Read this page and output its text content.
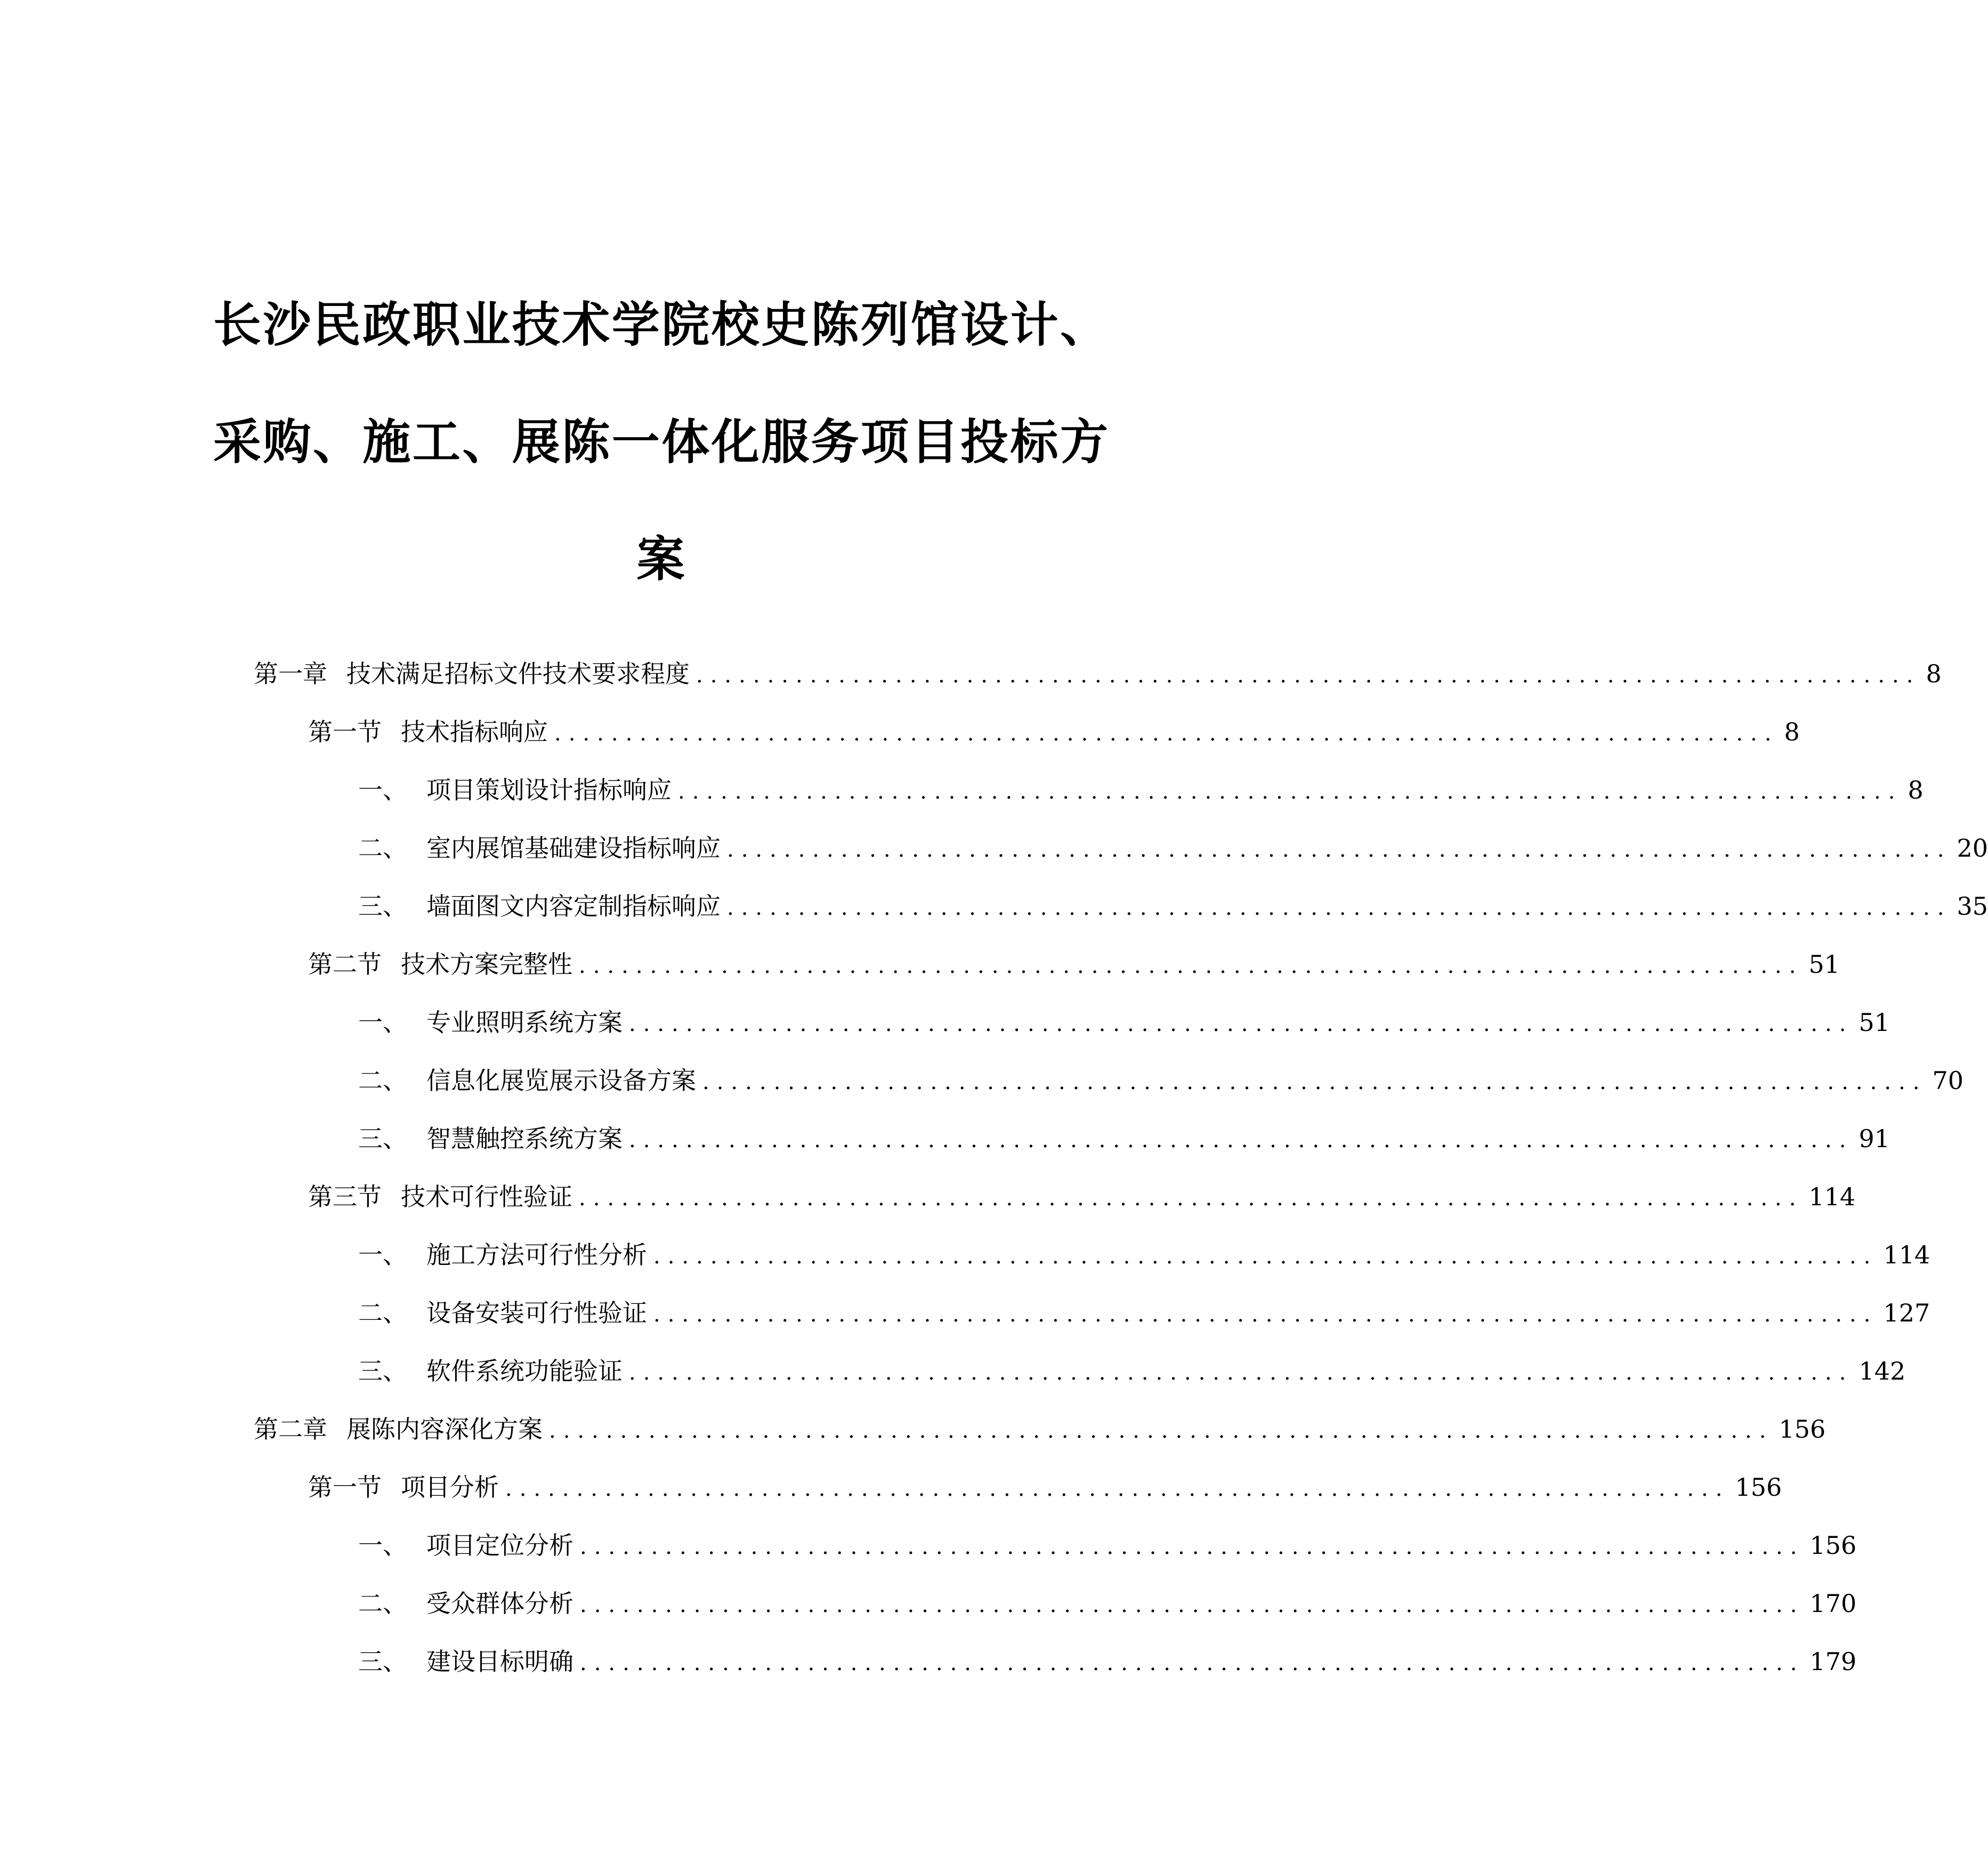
长沙民政职业技术学院校史陈列馆设计、采购、施工、展陈一体化服务项目投标方案
第一章 技术满足招标文件技术要求程度 ...................................................................................... 8
第一节 技术指标响应 ...................................................................................... 8
一、 项目策划设计指标响应 ...................................................................................... 8
二、 室内展馆基础建设指标响应 ...................................................................................... 20
三、 墙面图文内容定制指标响应 ...................................................................................... 35
第二节 技术方案完整性 ...................................................................................... 51
一、 专业照明系统方案 ...................................................................................... 51
二、 信息化展览展示设备方案 ...................................................................................... 70
三、 智慧触控系统方案 ...................................................................................... 91
第三节 技术可行性验证 ...................................................................................... 114
一、 施工方法可行性分析 ...................................................................................... 114
二、 设备安装可行性验证 ...................................................................................... 127
三、 软件系统功能验证 ...................................................................................... 142
第二章 展陈内容深化方案 ...................................................................................... 156
第一节 项目分析 ...................................................................................... 156
一、 项目定位分析 ...................................................................................... 156
二、 受众群体分析 ...................................................................................... 170
三、 建设目标明确 ...................................................................................... 179
